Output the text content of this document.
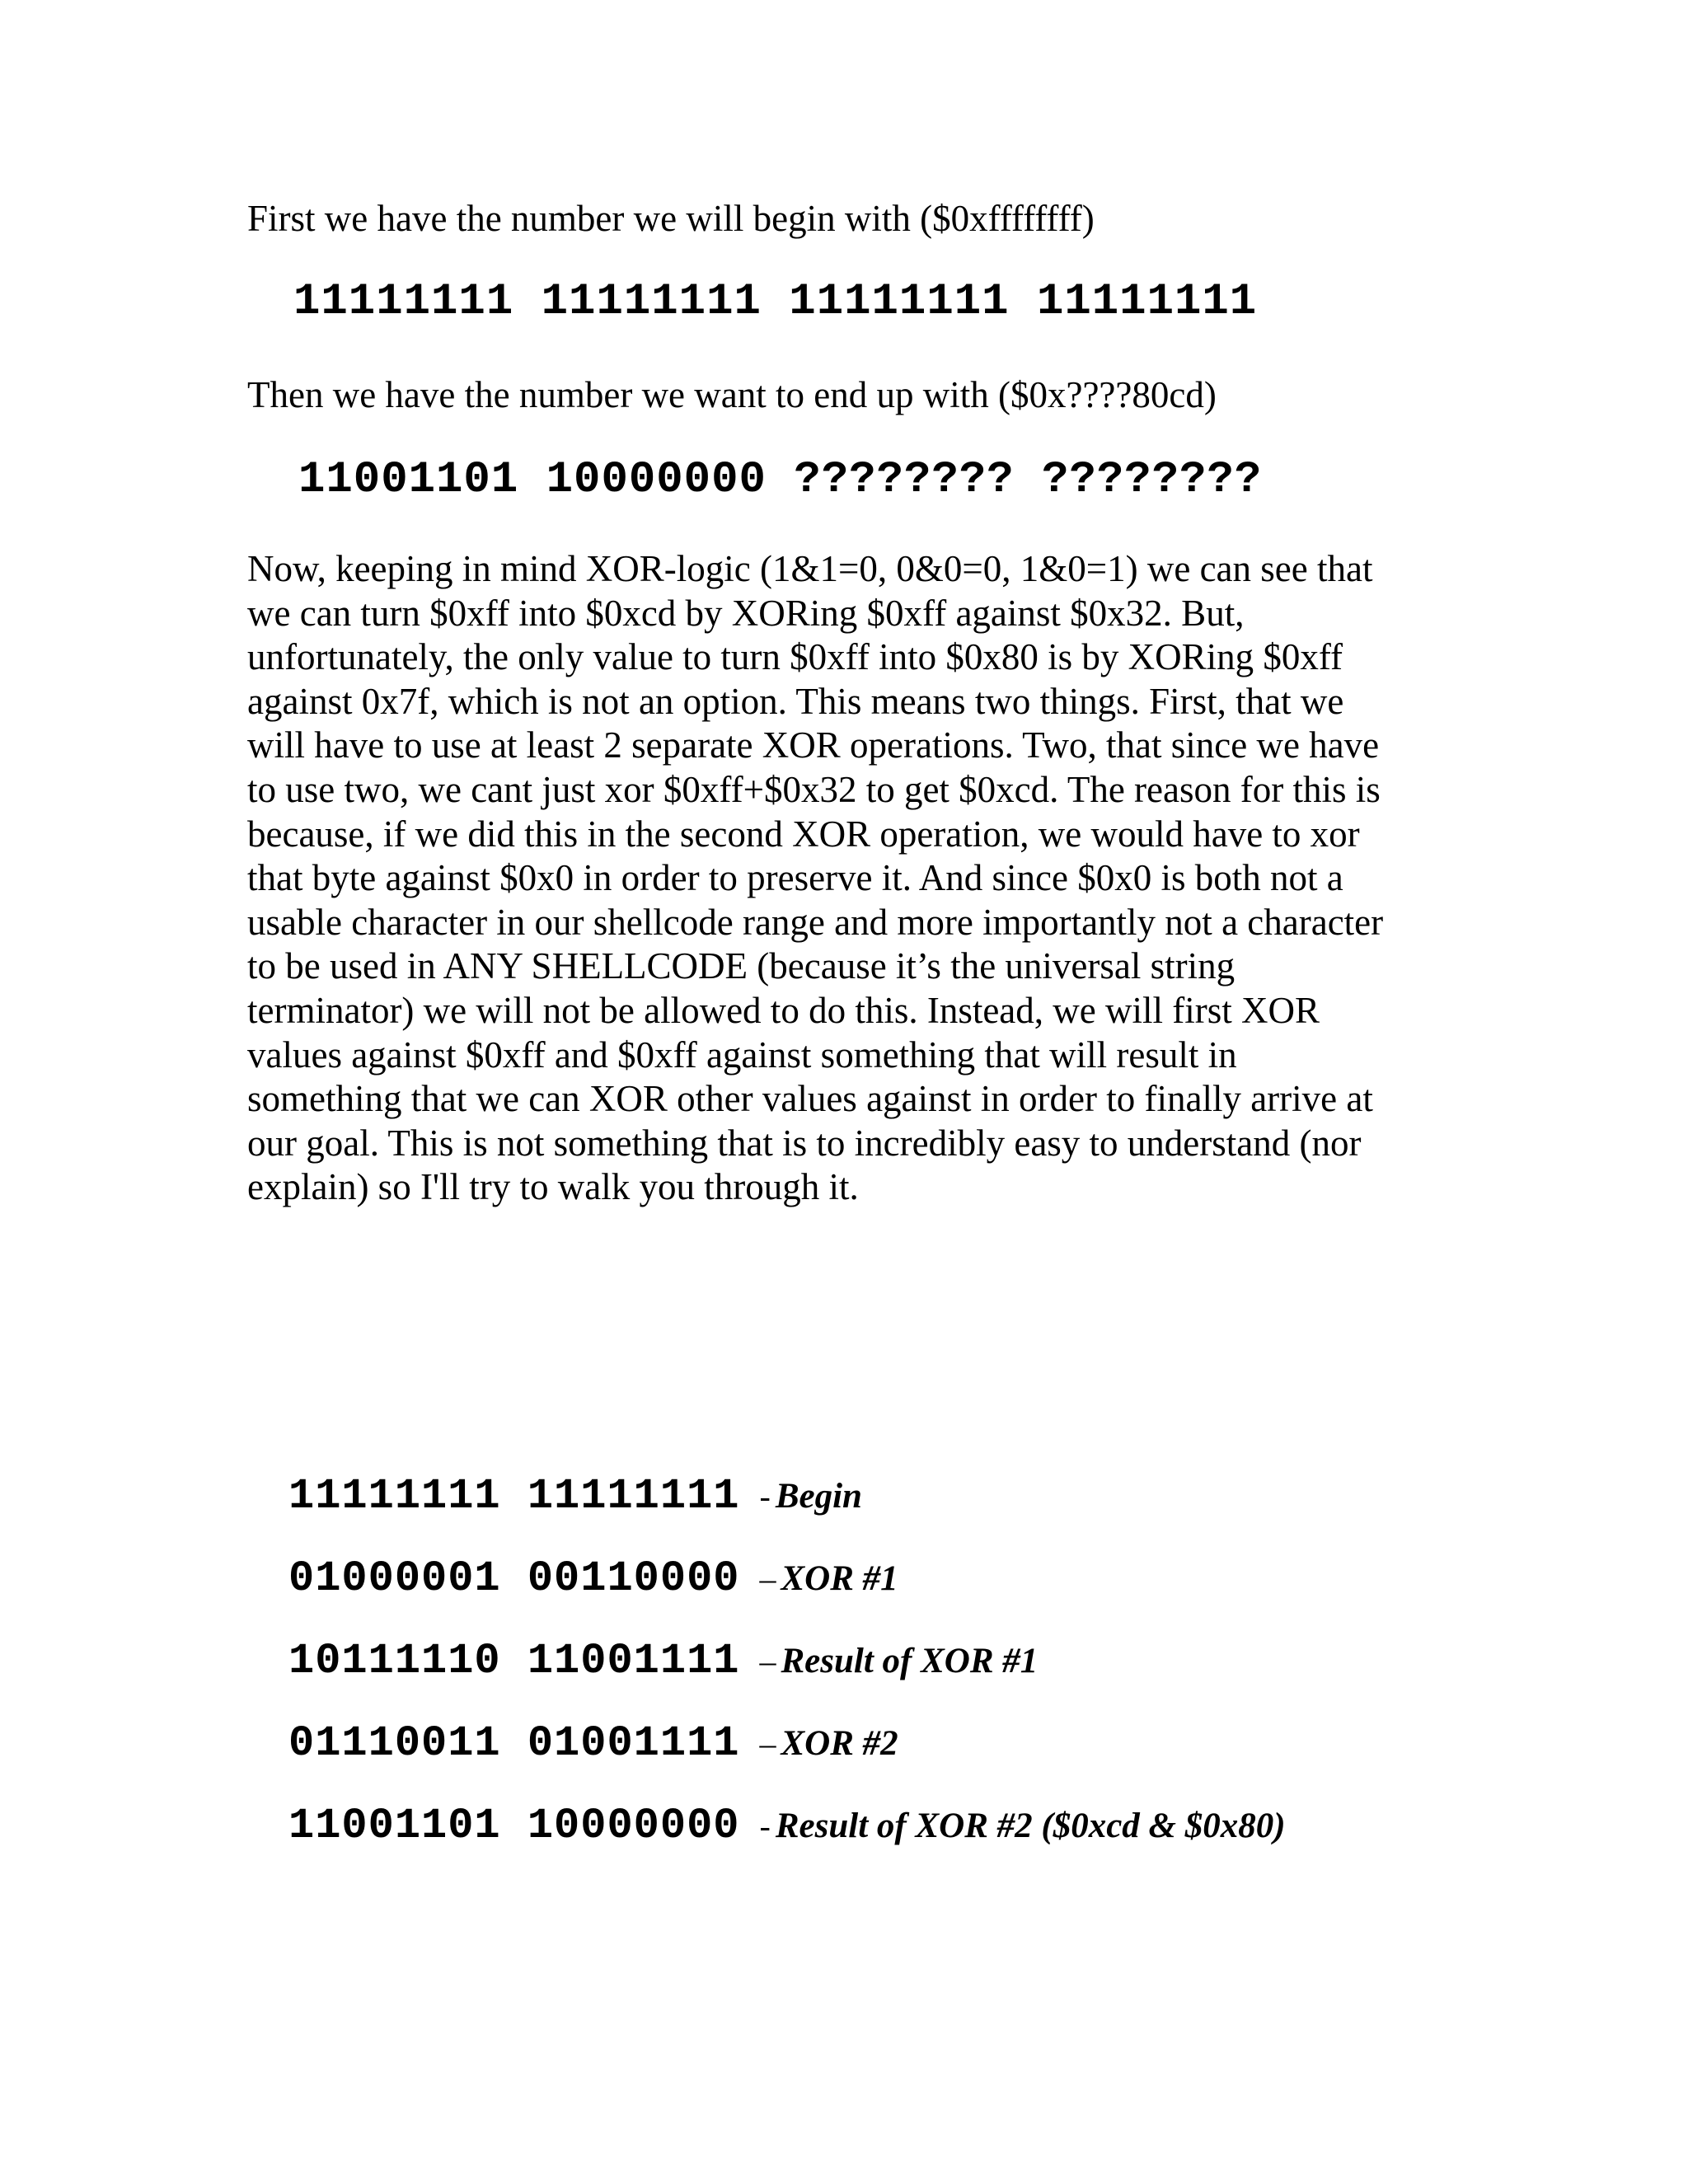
First we have the number we will begin with ($0xffffffff)
11111111 11111111 11111111 11111111
Then we have the number we want to end up with ($0x????80cd)
11001101 10000000 ???????? ????????
Now, keeping in mind XOR-logic (1&1=0, 0&0=0, 1&0=1) we can see that
we can turn $0xff into $0xcd by XORing $0xff against $0x32. But,
unfortunately, the only value to turn $0xff into $0x80 is by XORing $0xff
against 0x7f, which is not an option. This means two things. First, that we
will have to use at least 2 separate XOR operations. Two, that since we have
to use two, we cant just xor $0xff+$0x32 to get $0xcd. The reason for this is
because, if we did this in the second XOR operation, we would have to xor
that byte against $0x0 in order to preserve it. And since $0x0 is both not a
usable character in our shellcode range and more importantly not a character
to be used in ANY SHELLCODE (because it’s the universal string
terminator) we will not be allowed to do this. Instead, we will first XOR
values against $0xff and $0xff against something that will result in
something that we can XOR other values against in order to finally arrive at
our goal. This is not something that is to incredibly easy to understand (nor
explain) so I'll try to walk you through it.
11111111 11111111 - Begin
01000001 00110000 – XOR #1
10111110 11001111 – Result of XOR #1
01110011 01001111 – XOR #2
11001101 10000000 - Result of XOR #2 ($0xcd & $0x80)
